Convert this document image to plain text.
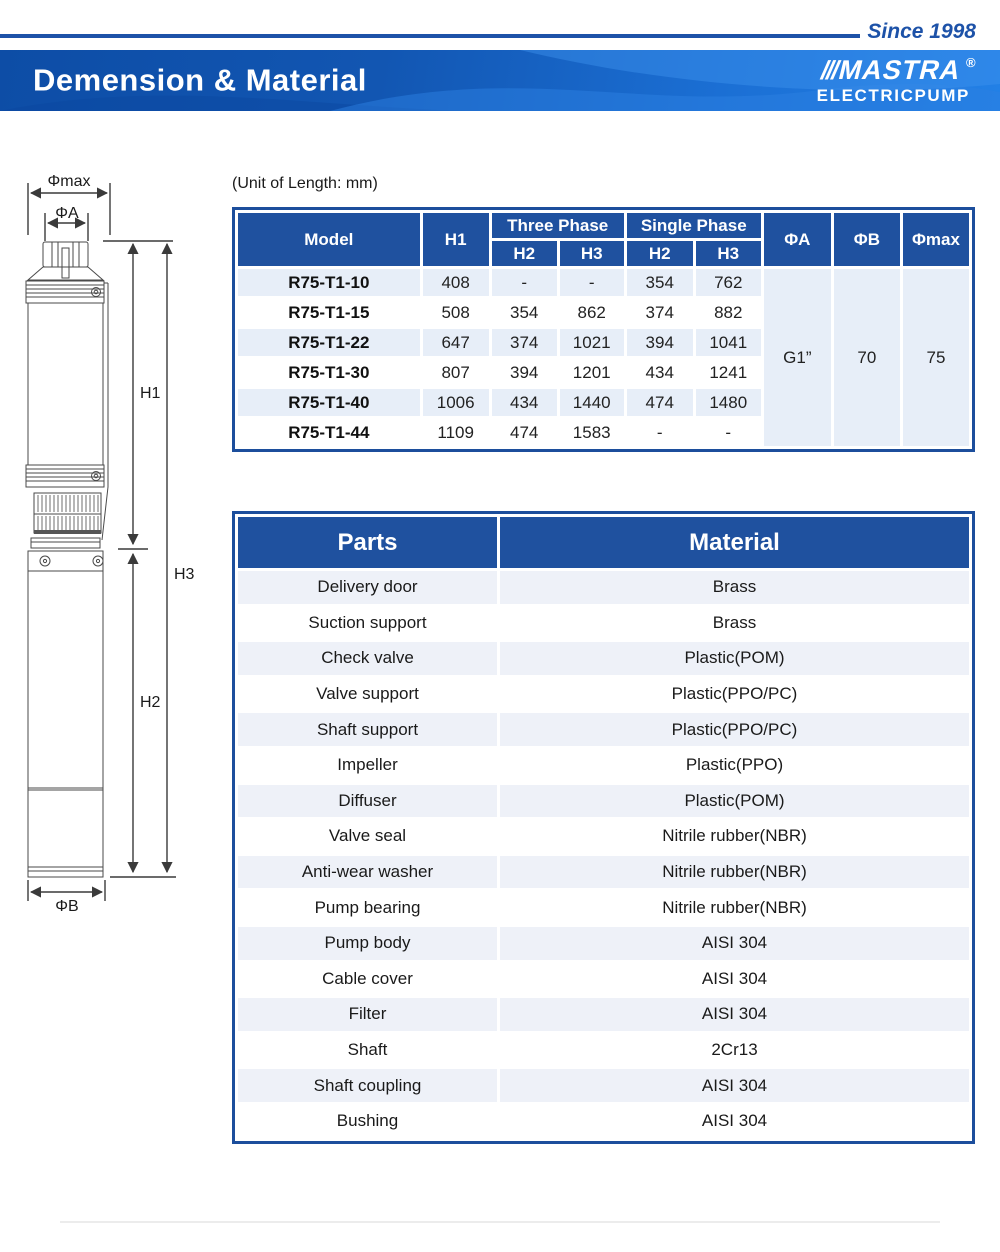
Since 1998
Demension & Material	///
MASTRA ®
ELECTRICPUMP
(Unit of Length: mm)
Φmax
ΦA
H1
H2
H3
ΦB
Model	H1	Three Phase		Single Phase		ΦA	ΦB	Φmax
		H2	H3	H2	H3			
R75-T1-10	408	-	-	354	762	G1”	70	75
R75-T1-15	508	354	862	374	882			
R75-T1-22	647	374	1021	394	1041			
R75-T1-30	807	394	1201	434	1241			
R75-T1-40	1006	434	1440	474	1480			
R75-T1-44	1109	474	1583	-	-			
Parts	Material
Delivery door	Brass
Suction support	Brass
Check valve	Plastic(POM)
Valve support	Plastic(PPO/PC)
Shaft support	Plastic(PPO/PC)
Impeller	Plastic(PPO)
Diffuser	Plastic(POM)
Valve seal	Nitrile rubber(NBR)
Anti-wear washer	Nitrile rubber(NBR)
Pump bearing	Nitrile rubber(NBR)
Pump body	AISI 304
Cable cover	AISI 304
Filter	AISI 304
Shaft	2Cr13
Shaft coupling	AISI 304
Bushing	AISI 304
